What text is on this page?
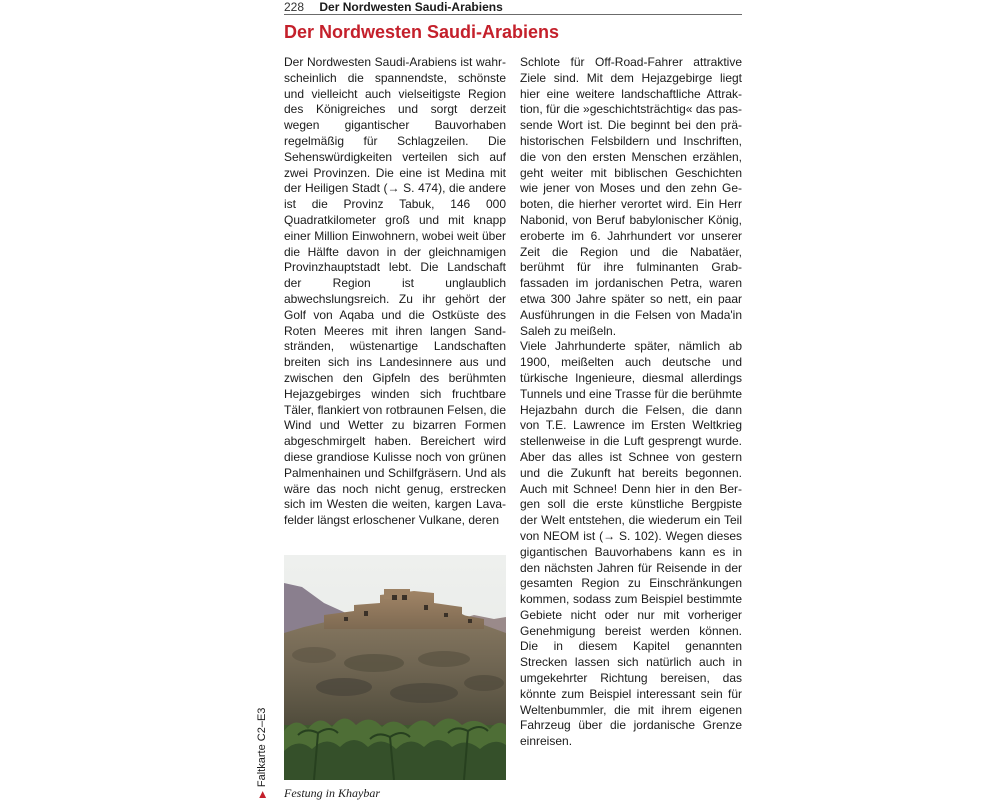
228 Der Nordwesten Saudi-Arabiens
Der Nordwesten Saudi-Arabiens

Der Nordwesten Saudi-Arabiens ist wahrscheinlich die spannendste, schönste und vielleicht auch vielseitigste Region des Königreiches und sorgt derzeit wegen gigantischer Bauvorhaben regelmäßig für Schlagzeilen. Die Sehenswürdigkeiten verteilen sich auf zwei Provinzen. Die eine ist Medina mit der Heiligen Stadt (→ S. 474), die andere ist die Provinz Tabuk, 146 000 Quadratkilometer groß und mit knapp einer Million Einwohnern, wobei weit über die Hälfte davon in der gleichnamigen Provinzhauptstadt lebt. Die Landschaft der Region ist unglaublich abwechslungsreich. Zu ihr gehört der Golf von Aqaba und die Ostküste des Roten Meeres mit ihren langen Sandstränden, wüstenartige Landschaften breiten sich ins Landesinnere aus und zwischen den Gipfeln des berühmten Hejazgebirges winden sich fruchtbare Täler, flankiert von rotbraunen Felsen, die Wind und Wetter zu bizarren Formen abgeschmirgelt haben. Bereichert wird diese grandiose Kulisse noch von grünen Palmenhainen und Schilfgräsern. Und als wäre das noch nicht genug, erstrecken sich im Westen die weiten, kargen Lavafelder längst erloschener Vulkane, deren

Schlote für Off-Road-Fahrer attraktive Ziele sind. Mit dem Hejazgebirge liegt hier eine weitere landschaftliche Attraktion, für die »geschichtsträchtig« das passende Wort ist. Die beginnt bei den prähistorischen Felsbildern und Inschriften, die von den ersten Menschen erzählen, geht weiter mit biblischen Geschichten wie jener von Moses und den zehn Geboten, die hierher verortet wird. Ein Herr Nabonid, von Beruf babylonischer König, eroberte im 6. Jahrhundert vor unserer Zeit die Region und die Nabatäer, berühmt für ihre fulminanten Grabfassaden im jordanischen Petra, waren etwa 300 Jahre später so nett, ein paar Ausführungen in die Felsen von Mada'in Saleh zu meißeln.

Viele Jahrhunderte später, nämlich ab 1900, meißelten auch deutsche und türkische Ingenieure, diesmal allerdings Tunnels und eine Trasse für die berühmte Hejazbahn durch die Felsen, die dann von T.E. Lawrence im Ersten Weltkrieg stellenweise in die Luft gesprengt wurde. Aber das alles ist Schnee von gestern und die Zukunft hat bereits begonnen. Auch mit Schnee! Denn hier in den Bergen soll die erste künstliche Bergpiste der Welt entstehen, die wiederum ein Teil von NEOM ist (→ S. 102). Wegen dieses gigantischen Bauvorhabens kann es in den nächsten Jahren für Reisende in der gesamten Region zu Einschränkungen kommen, sodass zum Beispiel bestimmte Gebiete nicht oder nur mit vorheriger Genehmigung bereist werden können. Die in diesem Kapitel genannten Strecken lassen sich natürlich auch in umgekehrter Richtung bereisen, das könnte zum Beispiel interessant sein für Weltenbummler, die mit ihrem eigenen Fahrzeug über die jordanische Grenze einreisen.

Festung in Khaybar
▶Faltkarte C2–E3
